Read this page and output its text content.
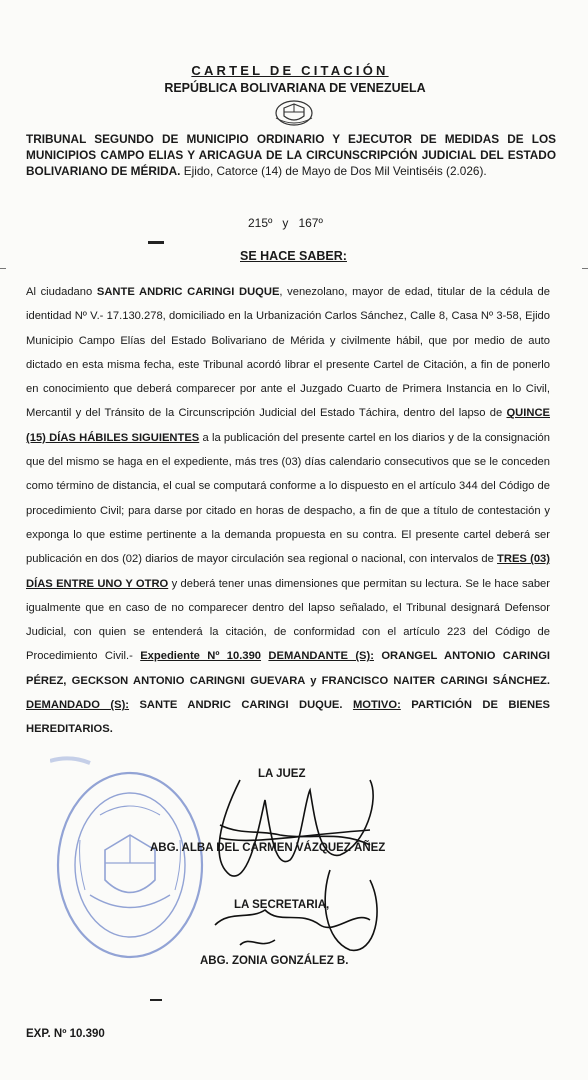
CARTEL DE CITACIÓN
REPÚBLICA BOLIVARIANA DE VENEZUELA
TRIBUNAL SEGUNDO DE MUNICIPIO ORDINARIO Y EJECUTOR DE MEDIDAS DE LOS MUNICIPIOS CAMPO ELIAS Y ARICAGUA DE LA CIRCUNSCRIPCIÓN JUDICIAL DEL ESTADO BOLIVARIANO DE MÉRIDA. Ejido, Catorce (14) de Mayo de Dos Mil Veintiséis (2.026).
215º y 167º
SE HACE SABER:
Al ciudadano SANTE ANDRIC CARINGI DUQUE, venezolano, mayor de edad, titular de la cédula de identidad Nº V.- 17.130.278, domiciliado en la Urbanización Carlos Sánchez, Calle 8, Casa Nº 3-58, Ejido Municipio Campo Elías del Estado Bolivariano de Mérida y civilmente hábil, que por medio de auto dictado en esta misma fecha, este Tribunal acordó librar el presente Cartel de Citación, a fin de ponerlo en conocimiento que deberá comparecer por ante el Juzgado Cuarto de Primera Instancia en lo Civil, Mercantil y del Tránsito de la Circunscripción Judicial del Estado Táchira, dentro del lapso de QUINCE (15) DÍAS HÁBILES SIGUIENTES a la publicación del presente cartel en los diarios y de la consignación que del mismo se haga en el expediente, más tres (03) días calendario consecutivos que se le conceden como término de distancia, el cual se computará conforme a lo dispuesto en el artículo 344 del Código de procedimiento Civil; para darse por citado en horas de despacho, a fin de que a título de contestación y exponga lo que estime pertinente a la demanda propuesta en su contra. El presente cartel deberá ser publicación en dos (02) diarios de mayor circulación sea regional o nacional, con intervalos de TRES (03) DÍAS ENTRE UNO Y OTRO y deberá tener unas dimensiones que permitan su lectura. Se le hace saber igualmente que en caso de no comparecer dentro del lapso señalado, el Tribunal designará Defensor Judicial, con quien se entenderá la citación, de conformidad con el artículo 223 del Código de Procedimiento Civil.- Expediente Nº 10.390 DEMANDANTE (S): ORANGEL ANTONIO CARINGI PÉREZ, GECKSON ANTONIO CARINGNI GUEVARA y FRANCISCO NAITER CARINGI SÁNCHEZ. DEMANDADO (S): SANTE ANDRIC CARINGI DUQUE. MOTIVO: PARTICIÓN DE BIENES HEREDITARIOS.
LA JUEZ
ABG. ALBA DEL CARMEN VÁZQUEZ ÁÑEZ
LA SECRETARIA,
ABG. ZONIA GONZÁLEZ B.
EXP. Nº 10.390
